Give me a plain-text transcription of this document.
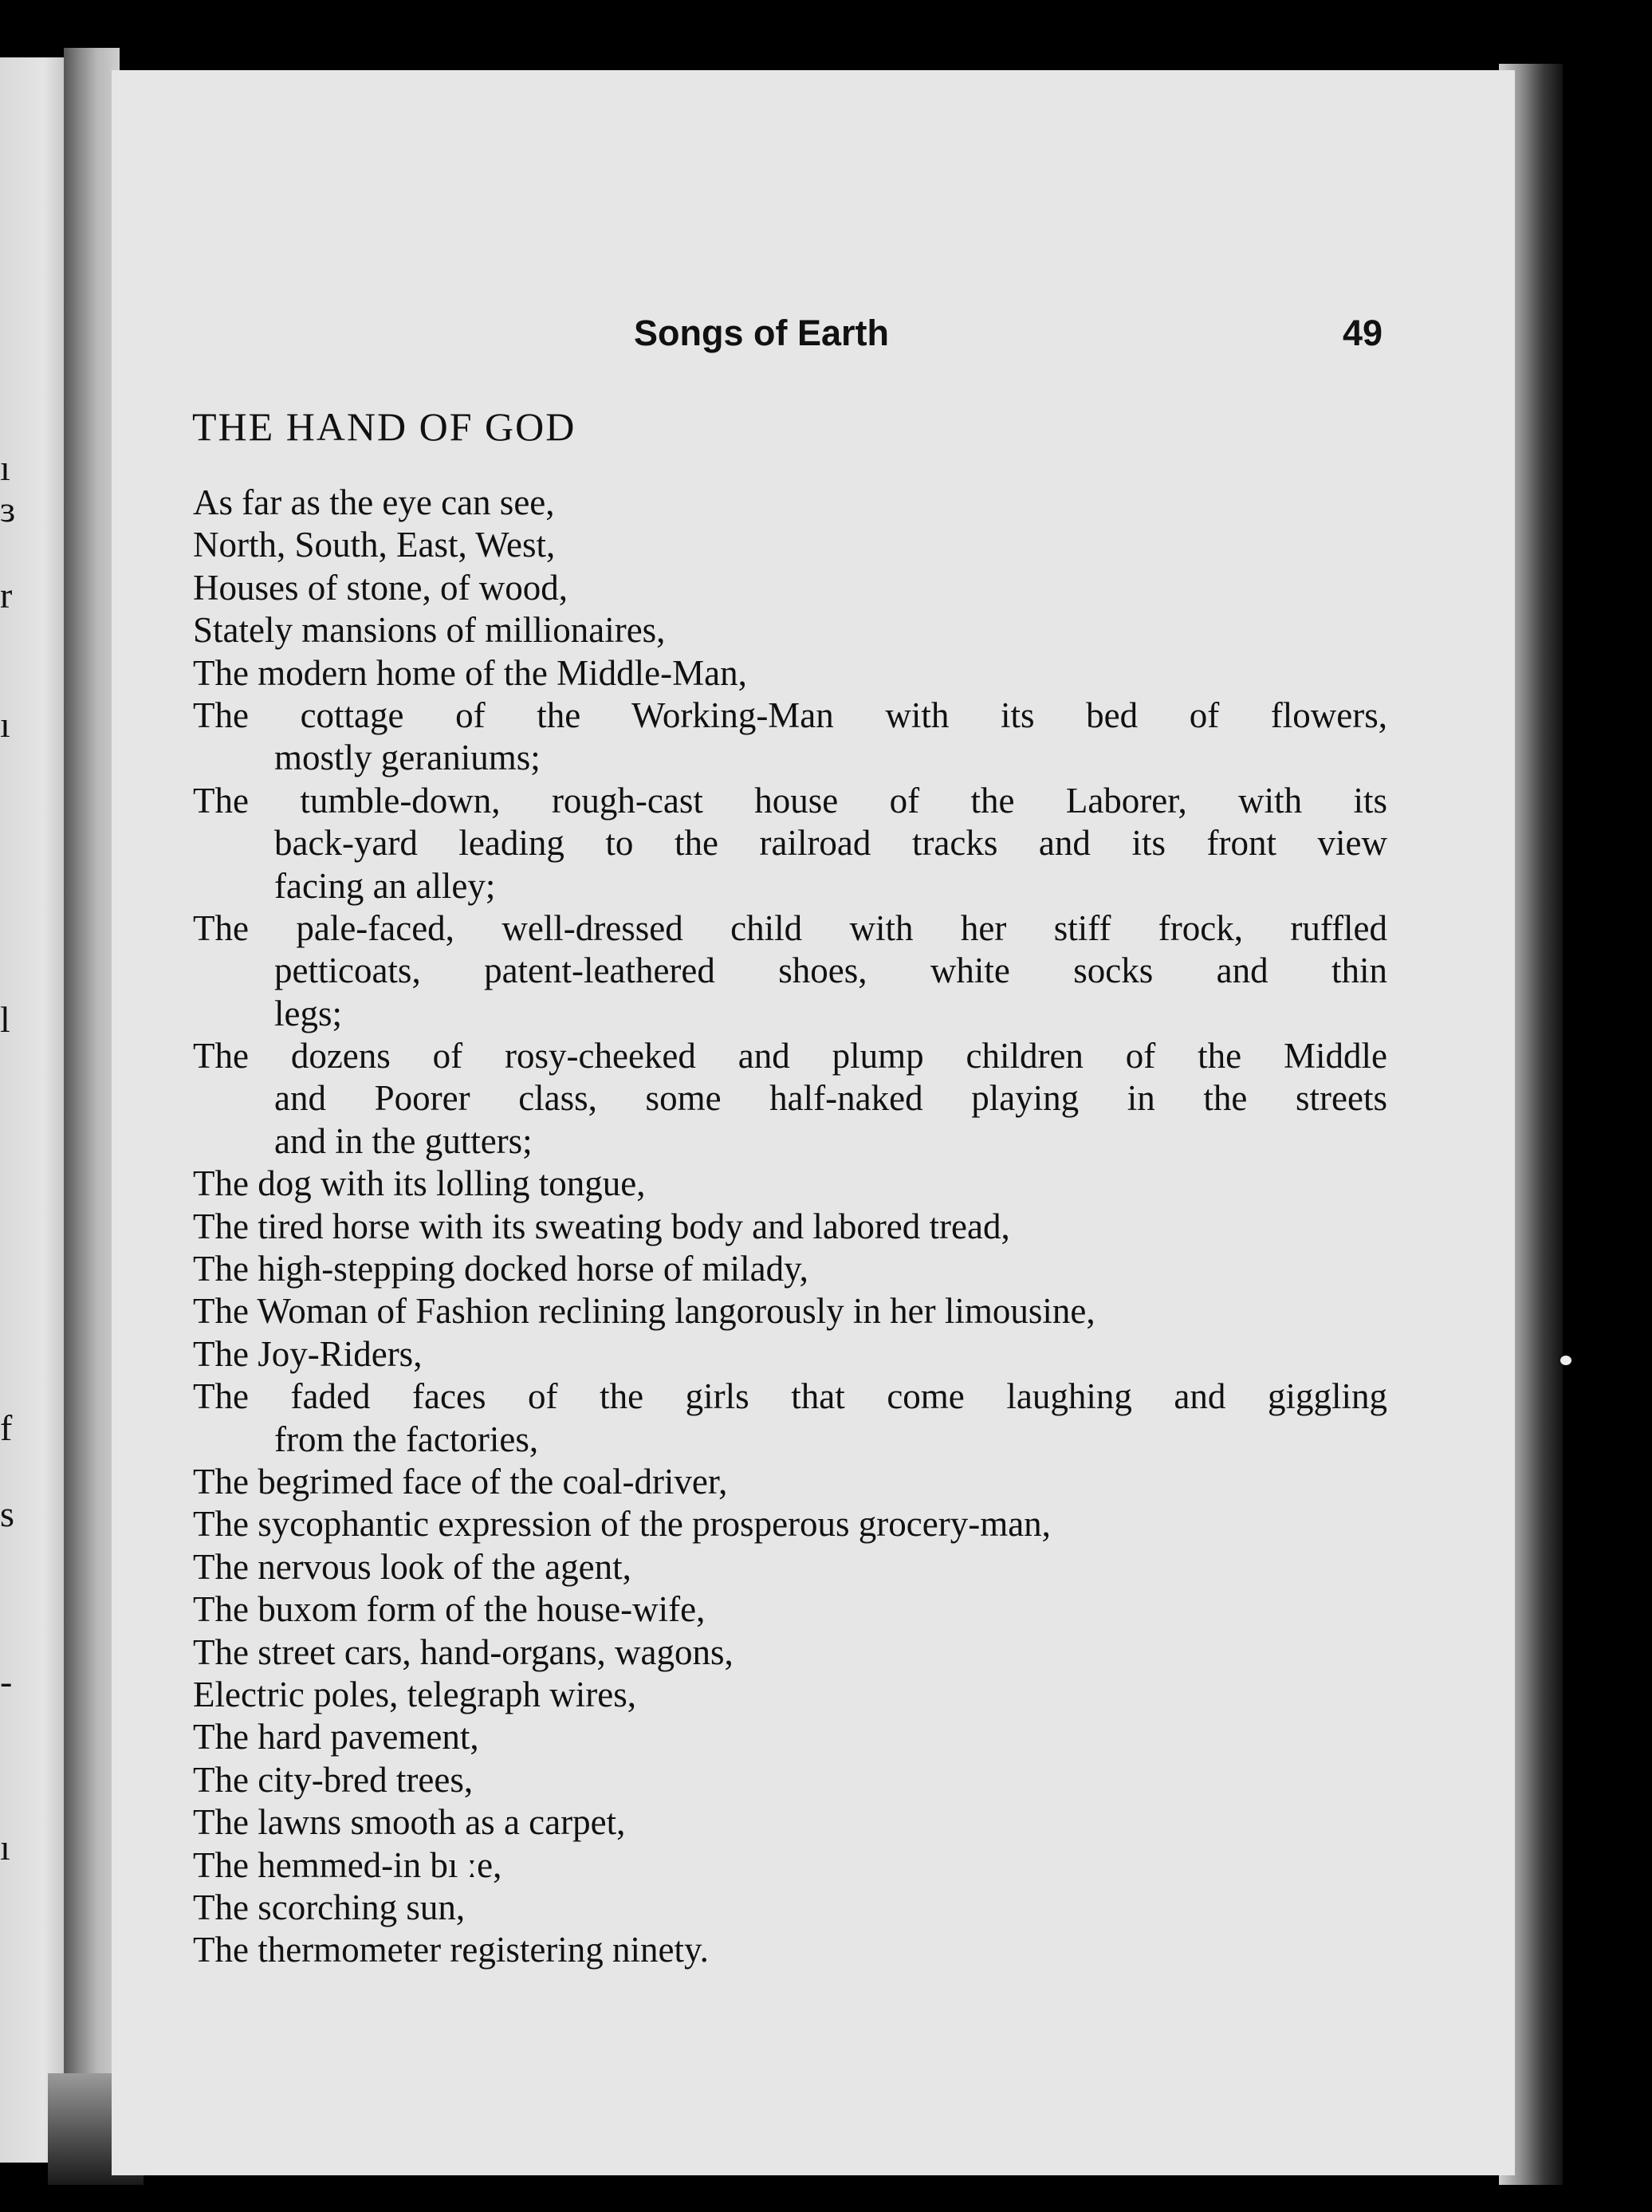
ı
ɜ
r
ı
l
f
s
-
ı
Songs of Earth	49
THE HAND OF GOD
As far as the eye can see,
North, South, East, West,
Houses of stone, of wood,
Stately mansions of millionaires,
The modern home of the Middle-Man,
The cottage of the Working-Man with its bed of flowers,
mostly geraniums;
The tumble-down, rough-cast house of the Laborer, with its
back-yard leading to the railroad tracks and its front view
facing an alley;
The pale-faced, well-dressed child with her stiff frock, ruffled
petticoats, patent-leathered shoes, white socks and thin
legs;
The dozens of rosy-cheeked and plump children of the Middle
and Poorer class, some half-naked playing in the streets
and in the gutters;
The dog with its lolling tongue,
The tired horse with its sweating body and labored tread,
The high-stepping docked horse of milady,
The Woman of Fashion reclining langorously in her limousine,
The Joy-Riders,
The faded faces of the girls that come laughing and giggling
from the factories,
The begrimed face of the coal-driver,
The sycophantic expression of the prosperous grocery-man,
The nervous look of the agent,
The buxom form of the house-wife,
The street cars, hand-organs, wagons,
Electric poles, telegraph wires,
The hard pavement,
The city-bred trees,
The lawns smooth as a carpet,
The hemmed-in bı ːe,
The scorching sun,
The thermometer registering ninety.
